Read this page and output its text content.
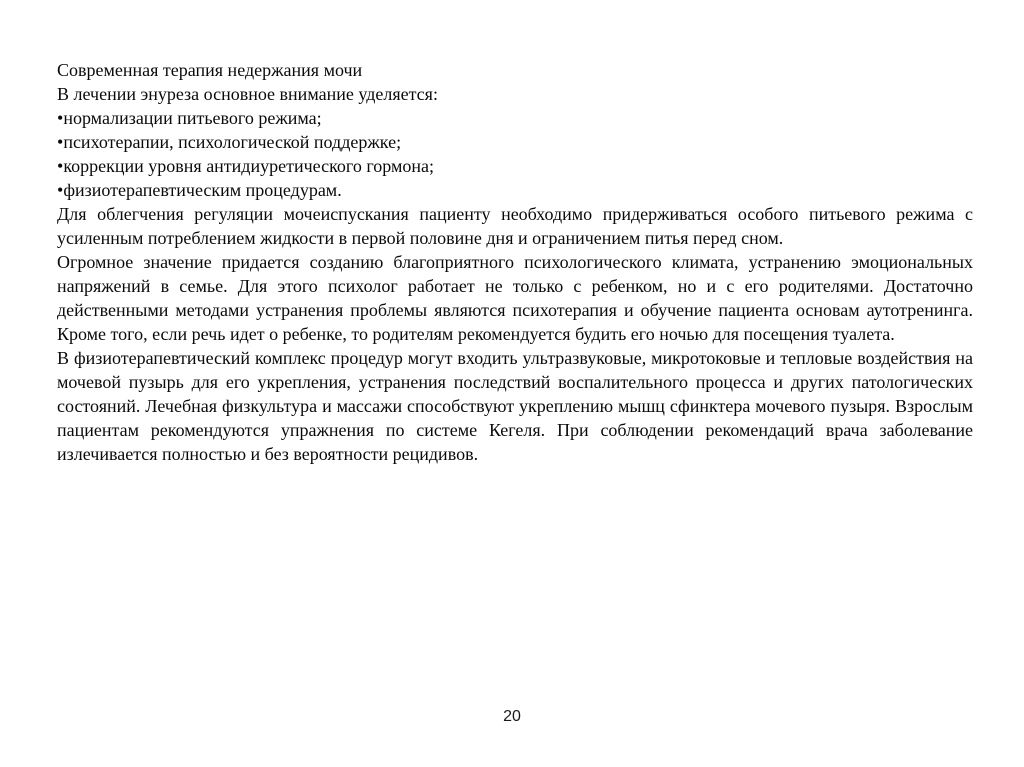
Современная терапия недержания мочи

В лечении энуреза основное внимание уделяется:

•нормализации питьевого режима;

•психотерапии, психологической поддержке;

•коррекции уровня антидиуретического гормона;

•физиотерапевтическим процедурам.

Для облегчения регуляции мочеиспускания пациенту необходимо придерживаться особого питьевого режима с усиленным потреблением жидкости в первой половине дня и ограничением питья перед сном.

Огромное значение придается созданию благоприятного психологического климата, устранению эмоциональных напряжений в семье. Для этого психолог работает не только с ребенком, но и с его родителями. Достаточно действенными методами устранения проблемы являются психотерапия и обучение пациента основам аутотренинга. Кроме того, если речь идет о ребенке, то родителям рекомендуется будить его ночью для посещения туалета.

В физиотерапевтический комплекс процедур могут входить ультразвуковые, микротоковые и тепловые воздействия на мочевой пузырь для его укрепления, устранения последствий воспалительного процесса и других патологических состояний. Лечебная физкультура и массажи способствуют укреплению мышц сфинктера мочевого пузыря. Взрослым пациентам рекомендуются упражнения по системе Кегеля. При соблюдении рекомендаций врача заболевание излечивается полностью и без вероятности рецидивов.

20
